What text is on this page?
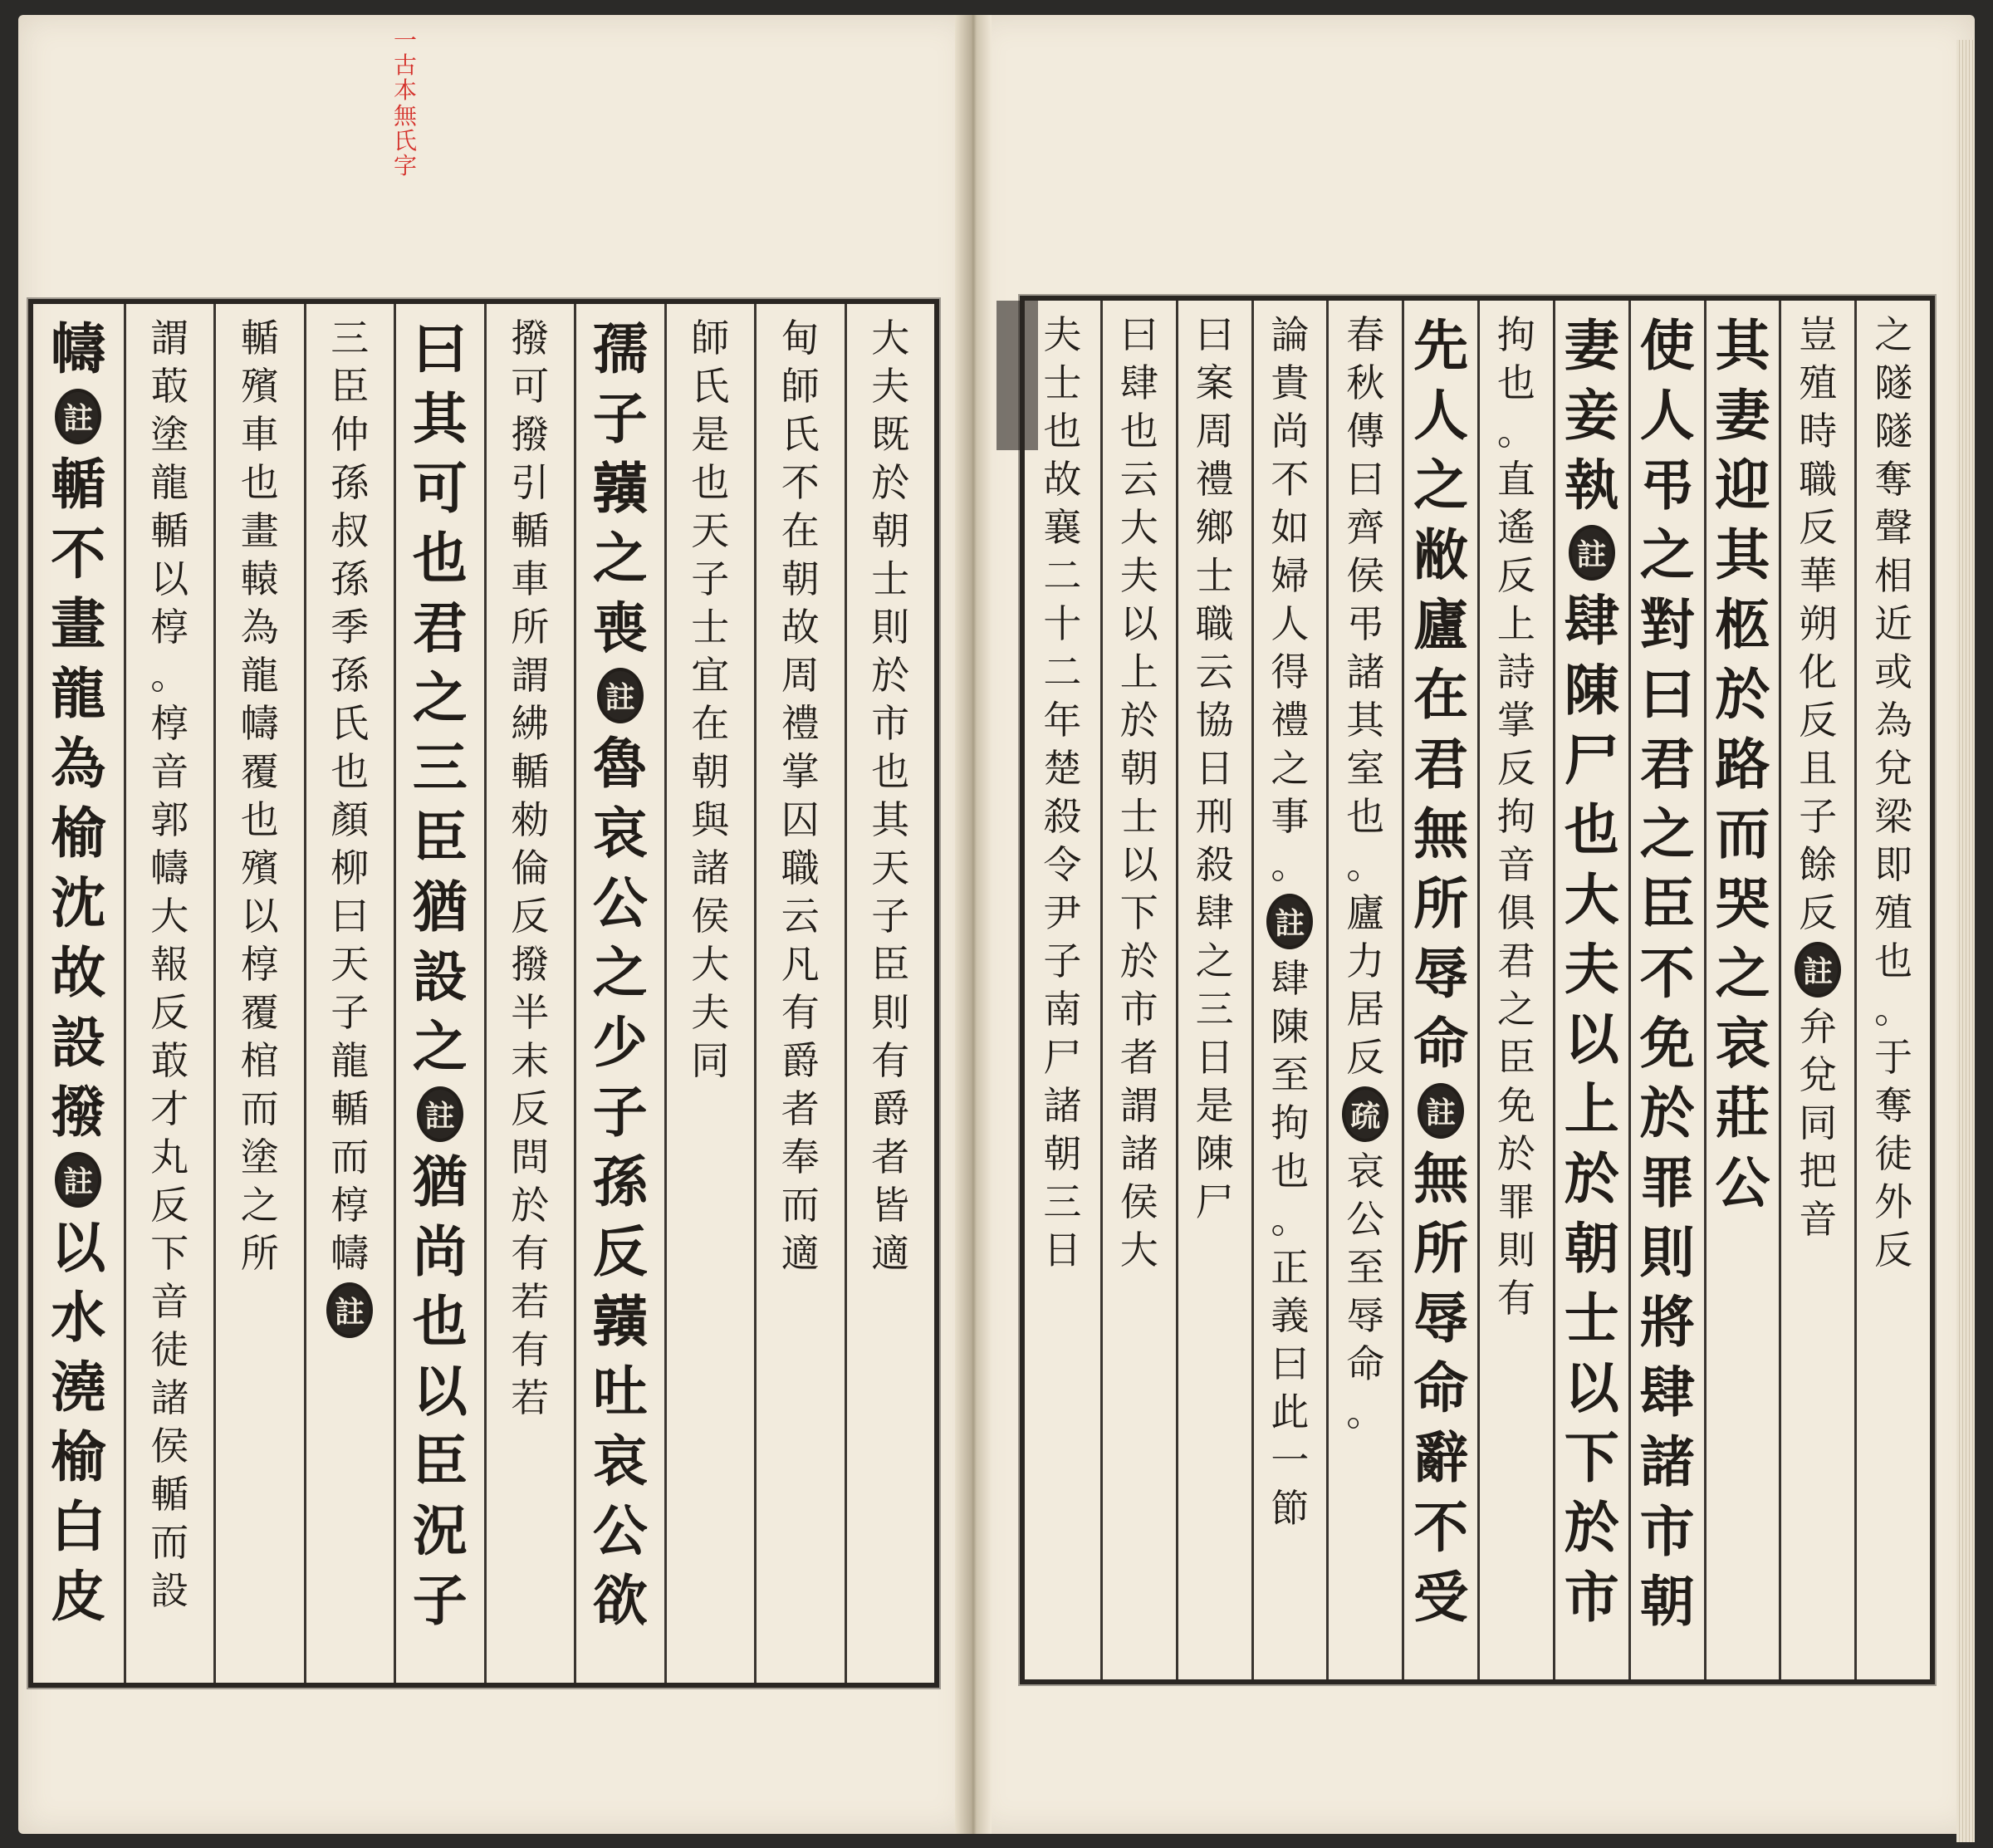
一
古
本
無
氏
字
大
夫
既
於
朝
士
則
於
市
也
其
天
子
臣
則
有
爵
者
皆
適
甸
師
氏
不
在
朝
故
周
禮
掌
囚
職
云
凡
有
爵
者
奉
而
適
師
氏
是
也
天
子
士
宜
在
朝
與
諸
侯
大
夫
同
孺
子
𪏆
之
喪
註
魯
哀
公
之
少
子
孫
反
𪏆
吐
哀
公
欲
撥
可
撥
引
輴
車
所
謂
紼
輴
勑
倫
反
撥
半
末
反
問
於
有
若
有
若
曰
其
可
也
君
之
三
臣
猶
設
之
註
猶
尚
也
以
臣
況
子
三
臣
仲
孫
叔
孫
季
孫
氏
也
顏
柳
曰
天
子
龍
輴
而
椁
幬
註
輴
殯
車
也
畫
轅
為
龍
幬
覆
也
殯
以
椁
覆
棺
而
塗
之
所
謂
菆
塗
龍
輴
以
椁
。
椁
音
郭
幬
大
報
反
菆
才
丸
反
下
音
徒
諸
侯
輴
而
設
幬
註
輴
不
畫
龍
為
榆
沈
故
設
撥
註
以
水
澆
榆
白
皮
之
隧
隧
奪
聲
相
近
或
為
兌
梁
即
殖
也
。
于
奪
徒
外
反
豈
殖
時
職
反
華
朔
化
反
且
子
餘
反
註
弁
兌
同
把
音
其
妻
迎
其
柩
於
路
而
哭
之
哀
莊
公
使
人
弔
之
對
曰
君
之
臣
不
免
於
罪
則
將
肆
諸
市
朝
妻
妾
執
註
肆
陳
尸
也
大
夫
以
上
於
朝
士
以
下
於
市
拘
也
。
直
遙
反
上
詩
掌
反
拘
音
俱
君
之
臣
免
於
罪
則
有
先
人
之
敝
廬
在
君
無
所
辱
命
註
無
所
辱
命
辭
不
受
春
秋
傳
曰
齊
侯
弔
諸
其
室
也
。
廬
力
居
反
疏
哀
公
至
辱
命
。
論
貴
尚
不
如
婦
人
得
禮
之
事
。
註
肆
陳
至
拘
也
。
正
義
曰
此
一
節
曰
案
周
禮
鄉
士
職
云
協
日
刑
殺
肆
之
三
日
是
陳
尸
曰
肆
也
云
大
夫
以
上
於
朝
士
以
下
於
市
者
謂
諸
侯
大
夫
士
也
故
襄
二
十
二
年
楚
殺
令
尹
子
南
尸
諸
朝
三
日
